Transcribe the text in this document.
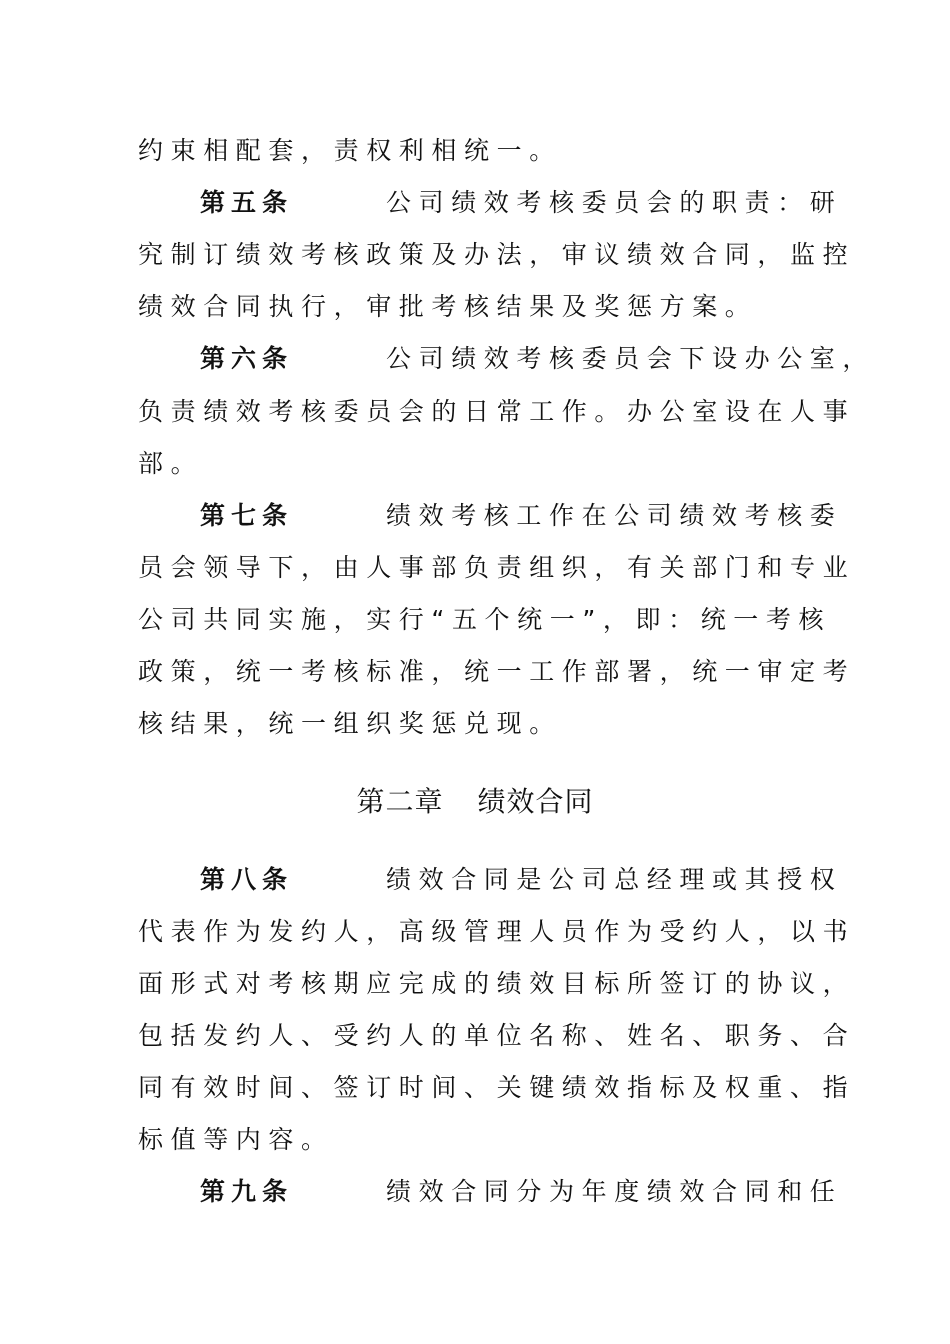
约束相配套，责权利相统一。
第五条	公司绩效考核委员会的职责：研
究制订绩效考核政策及办法，审议绩效合同，监控
绩效合同执行，审批考核结果及奖惩方案。
第六条	公司绩效考核委员会下设办公室，
负责绩效考核委员会的日常工作。办公室设在人事
部。
第七条	绩效考核工作在公司绩效考核委
员会领导下，由人事部负责组织，有关部门和专业
公司共同实施，实行“五个统一”，即：统一考核
政策，统一考核标准，统一工作部署，统一审定考
核结果，统一组织奖惩兑现。
第二章 绩效合同
第八条	绩效合同是公司总经理或其授权
代表作为发约人，高级管理人员作为受约人，以书
面形式对考核期应完成的绩效目标所签订的协议，
包括发约人、受约人的单位名称、姓名、职务、合
同有效时间、签订时间、关键绩效指标及权重、指
标值等内容。
第九条	绩效合同分为年度绩效合同和任
